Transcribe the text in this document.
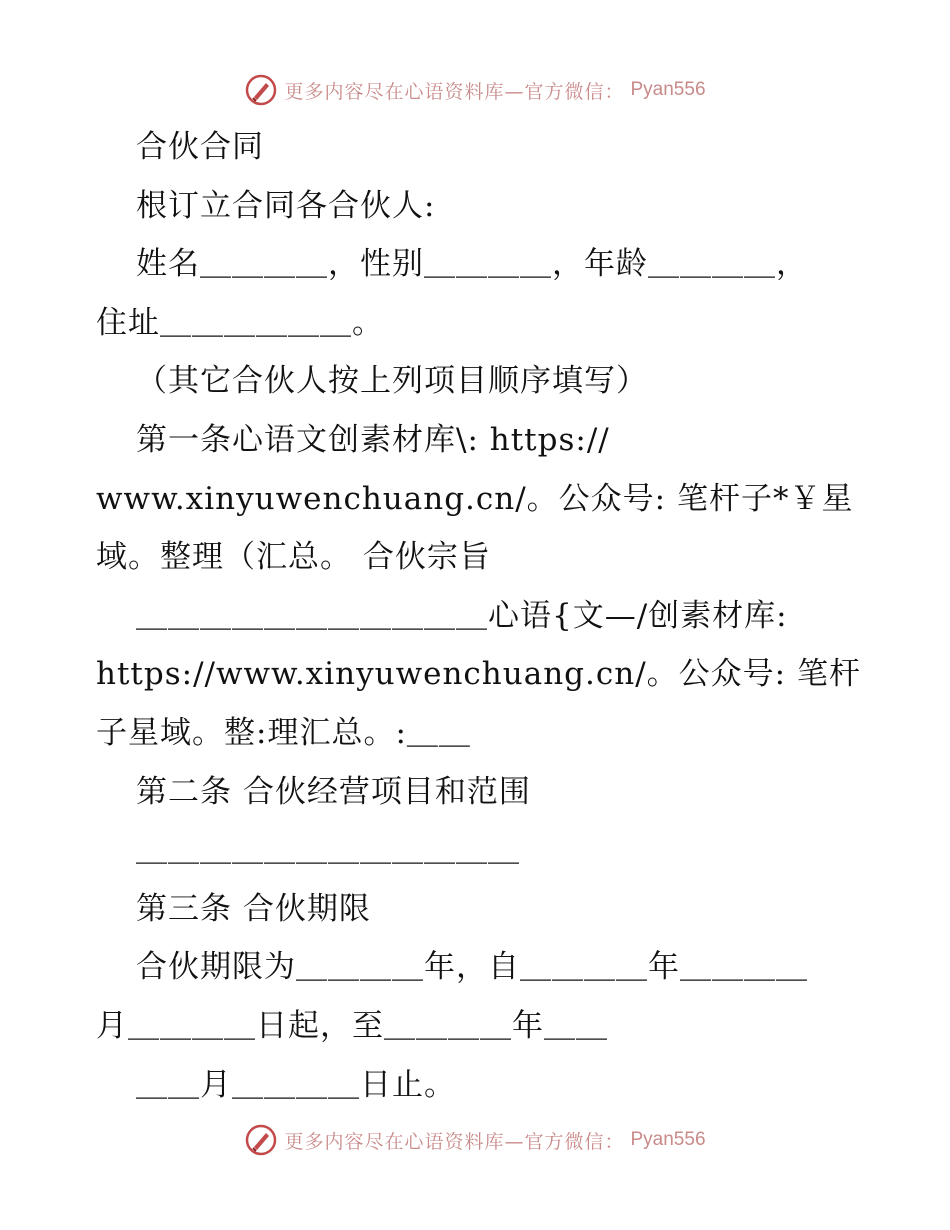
更多内容尽在心语资料库—官方微信： Pyan556
合伙合同
根订立合同各合伙人:
姓名＿＿＿＿，性别＿＿＿＿，年龄＿＿＿＿，
住址＿＿＿＿＿＿。
（其它合伙人按上列项目顺序填写）
第一条心语文创素材库\: https://
www.xinyuwenchuang.cn/。公众号: 笔杆子*￥星
域。整理（汇总。 合伙宗旨
＿＿＿＿＿＿＿＿＿＿＿心语{文—/创素材库:
https://www.xinyuwenchuang.cn/。公众号: 笔杆
子星域。整:理汇总。:＿＿
第二条 合伙经营项目和范围
＿＿＿＿＿＿＿＿＿＿＿＿
第三条 合伙期限
合伙期限为＿＿＿＿年，自＿＿＿＿年＿＿＿＿
月＿＿＿＿日起，至＿＿＿＿年＿＿
＿＿月＿＿＿＿日止。
更多内容尽在心语资料库—官方微信： Pyan556
